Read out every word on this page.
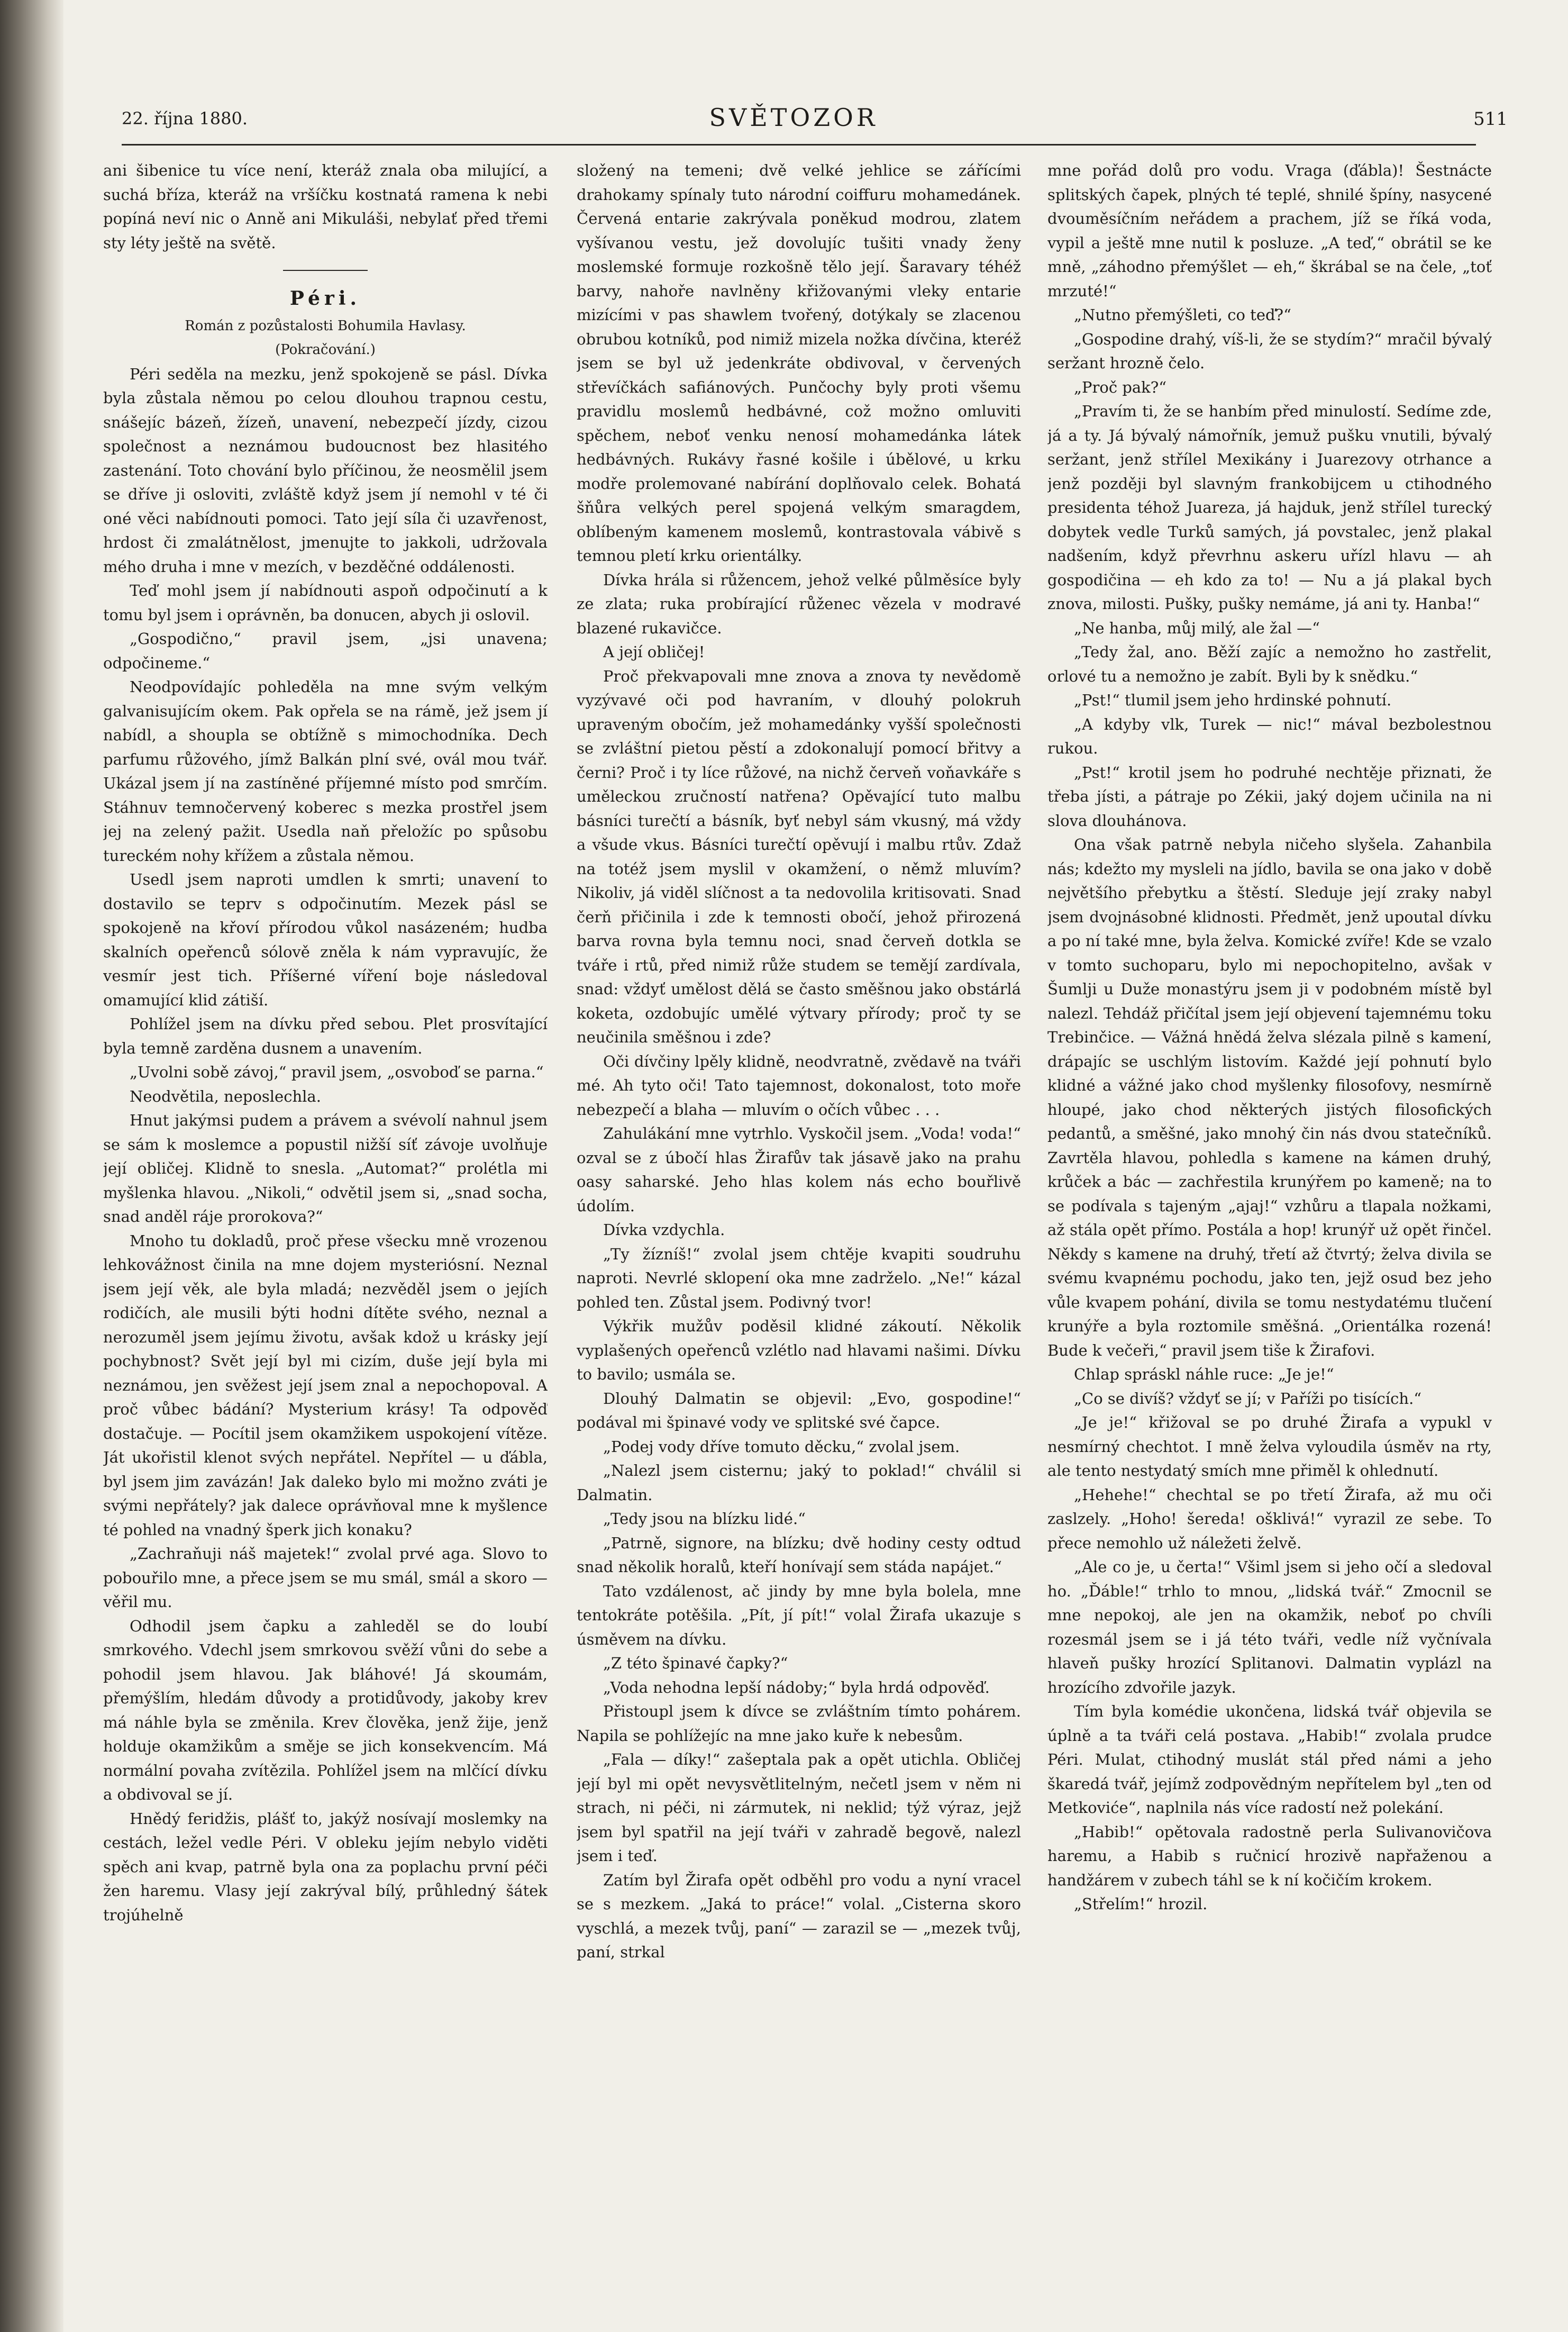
22. října 1880.	SVĚTOZOR	511

ani šibenice tu více není, kteráž znala oba milující, a suchá bříza, kteráž na vršíčku kostnatá ramena k nebi popíná neví nic o Anně ani Mikuláši, nebylať před třemi sty léty ještě na světě.

Péri.
Román z pozůstalosti Bohumila Havlasy.
(Pokračování.)

Péri seděla na mezku, jenž spokojeně se pásl. Dívka byla zůstala němou po celou dlouhou trapnou cestu, snášejíc bázeň, žízeň, unavení, nebezpečí jízdy, cizou společnost a neznámou budoucnost bez hlasitého zastenání. Toto chování bylo příčinou, že neosmělil jsem se dříve ji osloviti, zvláště když jsem jí nemohl v té či oné věci nabídnouti pomoci. Tato její síla či uzavřenost, hrdost či zmalátnělost, jmenujte to jakkoli, udržovala mého druha i mne v mezích, v bezděčné oddálenosti.

Teď mohl jsem jí nabídnouti aspoň odpočinutí a k tomu byl jsem i oprávněn, ba donucen, abych ji oslovil.

„Gospodično,“ pravil jsem, „jsi unavena; odpočineme.“

Neodpovídajíc pohleděla na mne svým velkým galvanisujícím okem. Pak opřela se na rámě, jež jsem jí nabídl, a shoupla se obtížně s mimochodníka. Dech parfumu růžového, jímž Balkán plní své, ovál mou tvář. Ukázal jsem jí na zastíněné příjemné místo pod smrčím. Stáhnuv temnočervený koberec s mezka prostřel jsem jej na zelený pažit. Usedla naň přeložíc po spůsobu tureckém nohy křížem a zůstala němou.

Usedl jsem naproti umdlen k smrti; unavení to dostavilo se teprv s odpočinutím. Mezek pásl se spokojeně na křoví přírodou vůkol nasázeném; hudba skalních opeřenců sólově zněla k nám vypravujíc, že vesmír jest tich. Příšerné víření boje následoval omamující klid zátiší.

Pohlížel jsem na dívku před sebou. Plet prosvítající byla temně zarděna dusnem a unavením.

„Uvolni sobě závoj,“ pravil jsem, „osvoboď se parna.“

Neodvětila, neposlechla.

Hnut jakýmsi pudem a právem a svévolí nahnul jsem se sám k moslemce a popustil nižší síť závoje uvolňuje její obličej. Klidně to snesla. „Automat?“ prolétla mi myšlenka hlavou. „Nikoli,“ odvětil jsem si, „snad socha, snad anděl ráje prorokova?“

Mnoho tu dokladů, proč přese všecku mně vrozenou lehkovážnost činila na mne dojem mysteriósní. Neznal jsem její věk, ale byla mladá; nezvěděl jsem o jejích rodičích, ale musili býti hodni dítěte svého, neznal a nerozuměl jsem jejímu životu, avšak kdož u krásky její pochybnost? Svět její byl mi cizím, duše její byla mi neznámou, jen svěžest její jsem znal a nepochopoval. A proč vůbec bádání? Mysterium krásy! Ta odpověď dostačuje. — Pocítil jsem okamžikem uspokojení vítěze. Ját ukořistil klenot svých nepřátel. Nepřítel — u ďábla, byl jsem jim zavázán! Jak daleko bylo mi možno zváti je svými nepřátely? jak dalece oprávňoval mne k myšlence té pohled na vnadný šperk jich konaku?

„Zachraňuji náš majetek!“ zvolal prvé aga. Slovo to pobouřilo mne, a přece jsem se mu smál, smál a skoro — věřil mu.

Odhodil jsem čapku a zahleděl se do loubí smrkového. Vdechl jsem smrkovou svěží vůni do sebe a pohodil jsem hlavou. Jak bláhové! Já skoumám, přemýšlím, hledám důvody a protidůvody, jakoby krev má náhle byla se změnila. Krev člověka, jenž žije, jenž holduje okamžikům a směje se jich konsekvencím. Má normální povaha zvítězila. Pohlížel jsem na mlčící dívku a obdivoval se jí.

Hnědý feridžis, plášť to, jakýž nosívají moslemky na cestách, ležel vedle Péri. V obleku jejím nebylo viděti spěch ani kvap, patrně byla ona za poplachu první péči žen haremu. Vlasy její zakrýval bílý, průhledný šátek trojúhelně

složený na temeni; dvě velké jehlice se zářícími drahokamy spínaly tuto národní coiffuru mohamedánek. Červená entarie zakrývala poněkud modrou, zlatem vyšívanou vestu, jež dovolujíc tušiti vnady ženy moslemské formuje rozkošně tělo její. Šaravary téhéž barvy, nahoře navlněny křižovanými vleky entarie mizícími v pas shawlem tvořený, dotýkaly se zlacenou obrubou kotníků, pod nimiž mizela nožka dívčina, kteréž jsem se byl už jedenkráte obdivoval, v červených střevíčkách safiánových. Punčochy byly proti všemu pravidlu moslemů hedbávné, což možno omluviti spěchem, neboť venku nenosí mohamedánka látek hedbávných. Rukávy řasné košile i úbělové, u krku modře prolemované nabírání doplňovalo celek. Bohatá šňůra velkých perel spojená velkým smaragdem, oblíbeným kamenem moslemů, kontrastovala vábivě s temnou pletí krku orientálky.

Dívka hrála si růžencem, jehož velké půlměsíce byly ze zlata; ruka probírající růženec vězela v modravé blazené rukavičce.

A její obličej!

Proč překvapovali mne znova a znova ty nevědomě vyzývavé oči pod havraním, v dlouhý polokruh upraveným obočím, jež mohamedánky vyšší společnosti se zvláštní pietou pěstí a zdokonalují pomocí břitvy a černi? Proč i ty líce růžové, na nichž červeň voňavkáře s uměleckou zručností natřena? Opěvající tuto malbu básníci turečtí a básník, byť nebyl sám vkusný, má vždy a všude vkus. Básníci turečtí opěvují i malbu rtův. Zdaž na totéž jsem myslil v okamžení, o němž mluvím? Nikoliv, já viděl slíčnost a ta nedovolila kritisovati. Snad čerň přičinila i zde k temnosti obočí, jehož přirozená barva rovna byla temnu noci, snad červeň dotkla se tváře i rtů, před nimiž růže studem se temějí zardívala, snad: vždyť umělost dělá se často směšnou jako obstárlá koketa, ozdobujíc umělé výtvary přírody; proč ty se neučinila směšnou i zde?

Oči dívčiny lpěly klidně, neodvratně, zvědavě na tváři mé. Ah tyto oči! Tato tajemnost, dokonalost, toto moře nebezpečí a blaha — mluvím o očích vůbec . . .

Zahulákání mne vytrhlo. Vyskočil jsem. „Voda! voda!“ ozval se z úbočí hlas Žirafův tak jásavě jako na prahu oasy saharské. Jeho hlas kolem nás echo bouřlivě údolím.

Dívka vzdychla.

„Ty žízníš!“ zvolal jsem chtěje kvapiti soudruhu naproti. Nevrlé sklopení oka mne zadrželo. „Ne!“ kázal pohled ten. Zůstal jsem. Podivný tvor!

Výkřik mužův poděsil klidné zákoutí. Několik vyplašených opeřenců vzlétlo nad hlavami našimi. Dívku to bavilo; usmála se.

Dlouhý Dalmatin se objevil: „Evo, gospodine!“ podával mi špinavé vody ve splitské své čapce.

„Podej vody dříve tomuto děcku,“ zvolal jsem.

„Nalezl jsem cisternu; jaký to poklad!“ chválil si Dalmatin.

„Tedy jsou na blízku lidé.“

„Patrně, signore, na blízku; dvě hodiny cesty odtud snad několik horalů, kteří honívají sem stáda napájet.“

Tato vzdálenost, ač jindy by mne byla bolela, mne tentokráte potěšila. „Pít, jí pít!“ volal Žirafa ukazuje s úsměvem na dívku.

„Z této špinavé čapky?“

„Voda nehodna lepší nádoby;“ byla hrdá odpověď.

Přistoupl jsem k dívce se zvláštním tímto pohárem. Napila se pohlížejíc na mne jako kuře k nebesům.

„Fala — díky!“ zašeptala pak a opět utichla. Obličej její byl mi opět nevysvětlitelným, nečetl jsem v něm ni strach, ni péči, ni zármutek, ni neklid; týž výraz, jejž jsem byl spatřil na její tváři v zahradě begově, nalezl jsem i teď.

Zatím byl Žirafa opět odběhl pro vodu a nyní vracel se s mezkem. „Jaká to práce!“ volal. „Cisterna skoro vyschlá, a mezek tvůj, paní“ — zarazil se — „mezek tvůj, paní, strkal

mne pořád dolů pro vodu. Vraga (ďábla)! Šestnácte splitských čapek, plných té teplé, shnilé špíny, nasycené dvouměsíčním neřádem a prachem, jíž se říká voda, vypil a ještě mne nutil k posluze. „A teď,“ obrátil se ke mně, „záhodno přemýšlet — eh,“ škrábal se na čele, „toť mrzuté!“

„Nutno přemýšleti, co teď?“

„Gospodine drahý, víš-li, že se stydím?“ mračil bývalý seržant hrozně čelo.

„Proč pak?“

„Pravím ti, že se hanbím před minulostí. Sedíme zde, já a ty. Já bývalý námořník, jemuž pušku vnutili, bývalý seržant, jenž střílel Mexikány i Juarezovy otrhance a jenž později byl slavným frankobijcem u ctihodného presidenta téhož Juareza, já hajduk, jenž střílel turecký dobytek vedle Turků samých, já povstalec, jenž plakal nadšením, když převrhnu askeru uřízl hlavu — ah gospodičina — eh kdo za to! — Nu a já plakal bych znova, milosti. Pušky, pušky nemáme, já ani ty. Hanba!“

„Ne hanba, můj milý, ale žal —“

„Tedy žal, ano. Běží zajíc a nemožno ho zastřelit, orlové tu a nemožno je zabít. Byli by k snědku.“

„Pst!“ tlumil jsem jeho hrdinské pohnutí.

„A kdyby vlk, Turek — nic!“ mával bezbolestnou rukou.

„Pst!“ krotil jsem ho podruhé nechtěje přiznati, že třeba jísti, a pátraje po Zékii, jaký dojem učinila na ni slova dlouhánova.

Ona však patrně nebyla ničeho slyšela. Zahanbila nás; kdežto my mysleli na jídlo, bavila se ona jako v době největšího přebytku a štěstí. Sleduje její zraky nabyl jsem dvojnásobné klidnosti. Předmět, jenž upoutal dívku a po ní také mne, byla želva. Komické zvíře! Kde se vzalo v tomto suchoparu, bylo mi nepochopitelno, avšak v Šumlji u Duže monastýru jsem ji v podobném místě byl nalezl. Tehdáž přičítal jsem její objevení tajemnému toku Trebinčice. — Vážná hnědá želva slézala pilně s kamení, drápajíc se uschlým listovím. Každé její pohnutí bylo klidné a vážné jako chod myšlenky filosofovy, nesmírně hloupé, jako chod některých jistých filosofických pedantů, a směšné, jako mnohý čin nás dvou statečníků. Zavrtěla hlavou, pohledla s kamene na kámen druhý, krůček a bác — zachřestila krunýřem po kameně; na to se podívala s tajeným „ajaj!“ vzhůru a tlapala nožkami, až stála opět přímo. Postála a hop! krunýř už opět řinčel. Někdy s kamene na druhý, třetí až čtvrtý; želva divila se svému kvapnému pochodu, jako ten, jejž osud bez jeho vůle kvapem pohání, divila se tomu nestydatému tlučení krunýře a byla roztomile směšná. „Orientálka rozená! Bude k večeři,“ pravil jsem tiše k Žirafovi.

Chlap spráskl náhle ruce: „Je je!“

„Co se divíš? vždyť se jí; v Paříži po tisících.“

„Je je!“ křižoval se po druhé Žirafa a vypukl v nesmírný chechtot. I mně želva vyloudila úsměv na rty, ale tento nestydatý smích mne přiměl k ohlednutí.

„Hehehe!“ chechtal se po třetí Žirafa, až mu oči zaslzely. „Hoho! šereda! ošklivá!“ vyrazil ze sebe. To přece nemohlo už náležeti želvě.

„Ale co je, u čerta!“ Všiml jsem si jeho očí a sledoval ho. „Ďáble!“ trhlo to mnou, „lidská tvář.“ Zmocnil se mne nepokoj, ale jen na okamžik, neboť po chvíli rozesmál jsem se i já této tváři, vedle níž vyčnívala hlaveň pušky hrozící Splitanovi. Dalmatin vyplázl na hrozícího zdvořile jazyk.

Tím byla komédie ukončena, lidská tvář objevila se úplně a ta tváři celá postava. „Habib!“ zvolala prudce Péri. Mulat, ctihodný muslát stál před námi a jeho škaredá tvář, jejímž zodpovědným nepřítelem byl „ten od Metkoviće“, naplnila nás více radostí než polekání.

„Habib!“ opětovala radostně perla Sulivanovičova haremu, a Habib s ručnicí hrozivě napřaženou a handžárem v zubech táhl se k ní kočičím krokem.

„Střelím!“ hrozil.
